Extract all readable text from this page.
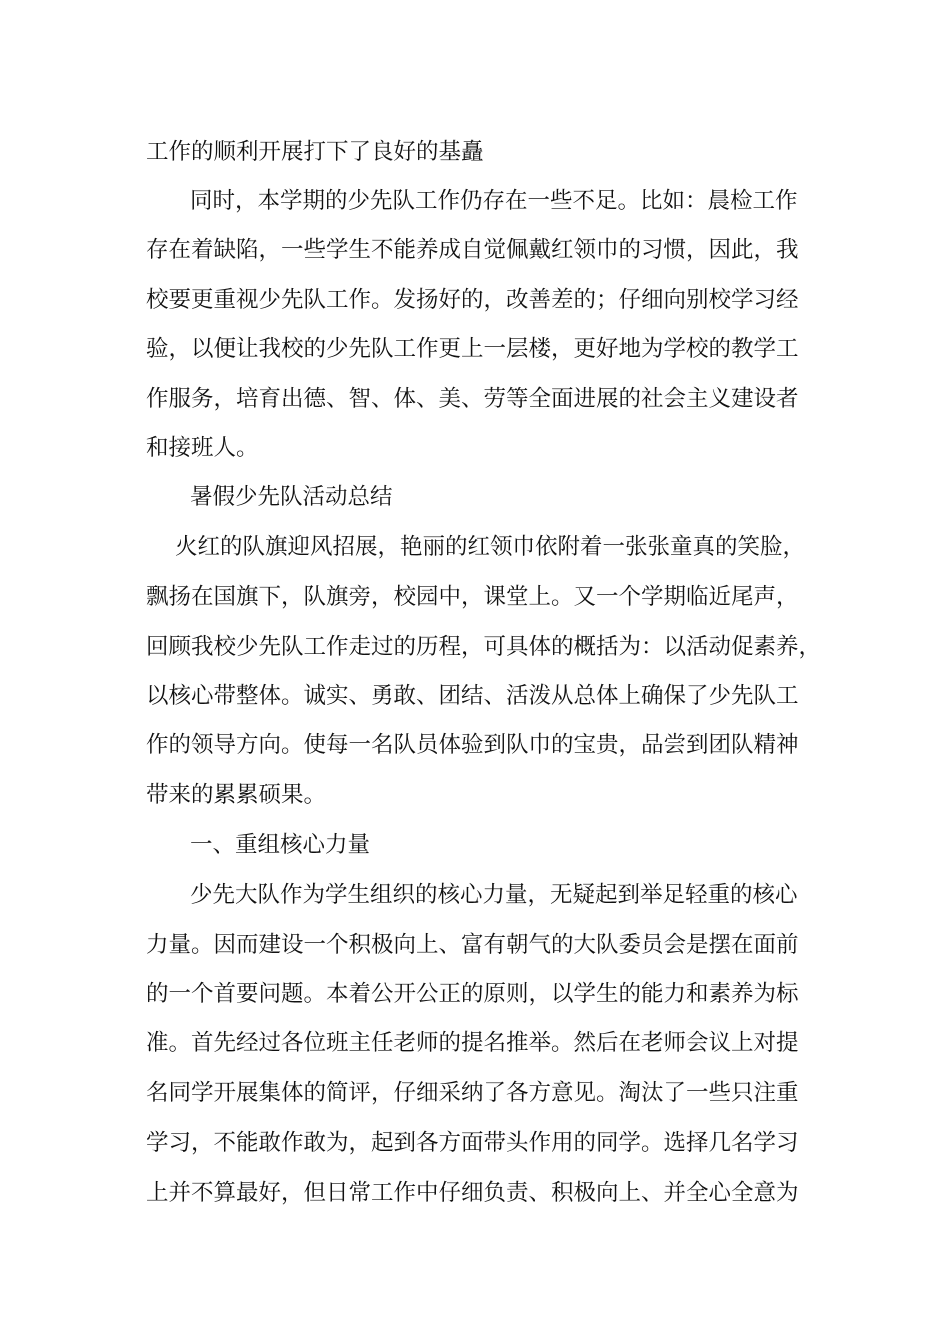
工作的顺利开展打下了良好的基矗
同时，本学期的少先队工作仍存在一些不足。比如：晨检工作
存在着缺陷，一些学生不能养成自觉佩戴红领巾的习惯，因此，我
校要更重视少先队工作。发扬好的，改善差的；仔细向别校学习经
验，以便让我校的少先队工作更上一层楼，更好地为学校的教学工
作服务，培育出德、智、体、美、劳等全面进展的社会主义建设者
和接班人。
暑假少先队活动总结
火红的队旗迎风招展，艳丽的红领巾依附着一张张童真的笑脸，
飘扬在国旗下，队旗旁，校园中，课堂上。又一个学期临近尾声，
回顾我校少先队工作走过的历程，可具体的概括为：以活动促素养，
以核心带整体。诚实、勇敢、团结、活泼从总体上确保了少先队工
作的领导方向。使每一名队员体验到队巾的宝贵，品尝到团队精神
带来的累累硕果。
一、重组核心力量
少先大队作为学生组织的核心力量，无疑起到举足轻重的核心
力量。因而建设一个积极向上、富有朝气的大队委员会是摆在面前
的一个首要问题。本着公开公正的原则，以学生的能力和素养为标
准。首先经过各位班主任老师的提名推举。然后在老师会议上对提
名同学开展集体的简评，仔细采纳了各方意见。淘汰了一些只注重
学习，不能敢作敢为，起到各方面带头作用的同学。选择几名学习
上并不算最好，但日常工作中仔细负责、积极向上、并全心全意为
